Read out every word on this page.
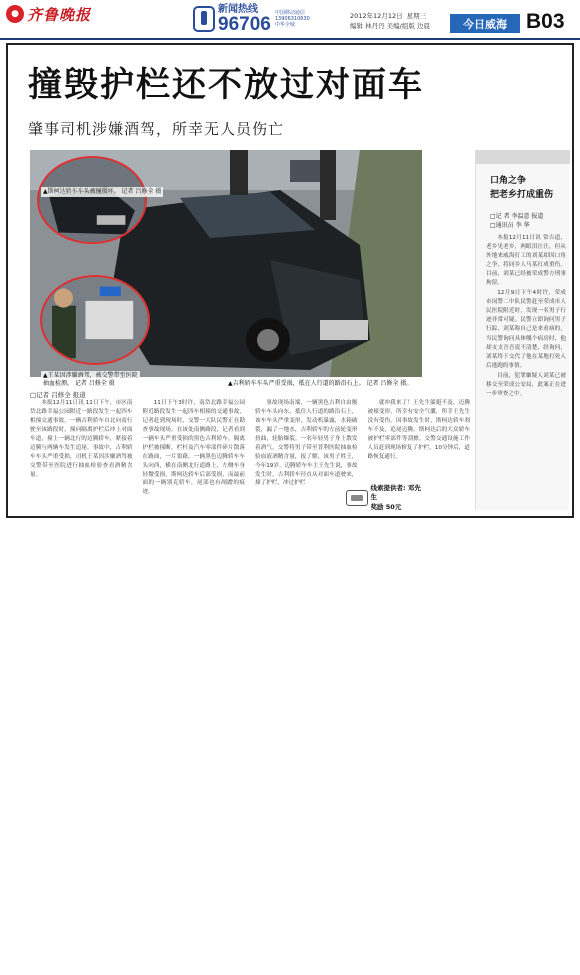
● 齐鲁晚报	新闻热线
96706
中国移动通信
13906310630
中华全城
2012年12月12日 星期三
编辑 林丹丹 美编/组版 边晨	今日威海 B03
撞毁护栏还不放过对面车
肇事司机涉嫌酒驾，所幸无人员伤亡
▲斯柯达轿车车头被撞损坏。 记者 吕修全 摄
▲王某因涉嫌酒驾，被交警带至医院
抽血检测。 记者 吕修全 摄	▲吉利轿车车头严重受损，抵在人行道的路沿石上。 记者 吕修全 摄。
口角之争
把老乡打成重伤
□记 者 李温意 报道
□通讯员 李 华

本报12月11日讯 常吉道，老乡见老乡，两眼泪汪汪，但从外地来威海打工的刘某却因口角之争，将同乡人马某打成重伤。目前，刘某已经被荣成警方刑事拘留。

12月9日下午4时许，荣成市岗警二中队民警赶至荣成市人民医院附近时，发现一名男子行迹非常可疑。民警立即询问男子行踪，刘某称自己是来看病的，当民警询问具体哪个病房时，他却支支吾吾说不清楚，经询问，刘某终于交代了他在某地打死人后逃跑的事情。

目前，犯罪嫌疑人刘某已被移交至荣成公安局，此案正在进一步审查之中。

□记者 吕修全 报道

本报12月11日讯 11日下午，市区南岱北路幸福公园附近一路段发生一起四车相撞交通事故，一辆吉利轿车自北向南行驶至该路段时，撞向隔离护栏后冲上对面车道，撞上一辆北行的迈腾轿车，紧接着迈腾与两辆车发生追尾。事故中，吉利轿车车头严重受损，司机王某因涉嫌酒驾被交警带至医院进行抽血检验查看酒精含量。

11日下午3时许，南岱北路幸福公园附近路段发生一起四车相撞的交通事故，记者赶到现场时，交警一大队民警正在勘查事故现场。在该处南侧路段，记者看到一辆车头严重受损的黑色吉利轿车，隔离护栏被撞断，栏杆及汽车零部件碎片散落在路面，一片狼藉。一辆黑色迈腾轿车车头向西，横在南侧北行道路上，左侧车身轻微受损，斯柯达轿车后部受损，而最前面的一辆别克轿车，尾部也有剐蹭的痕迹。

事故现场南端，一辆黑色吉利自由舰轿车车头向东，抵住人行道的路沿石上，该车车头严重变形，发动机暴露，水箱破裂，漏了一地水，吉利轿车的左前轮变形扭曲，轮胎爆裂。一名年轻男子身上散发着酒气，交警将男子带至普利医院抽血检验血液酒精含量，报了解，该男子姓王，今年19岁。迈腾轿车车主王先生说，事故发生时，吉利轿车径直从对面车道驶来，撞了护栏，冲过护栏

就冲我来了！王先生躲避不及，迈腾被撞变形，所幸有安全气囊，所幸王先生没有受伤。因事故发生时，斯柯达轿车刹车不及，追尾迈腾，斯柯达后的大众轿车被护栏零部件等刮擦。交警交通设施工作人员赶到现场修复了护栏，10分钟后，道路恢复通行。

线索提供者: 邓先生
奖励 50元
